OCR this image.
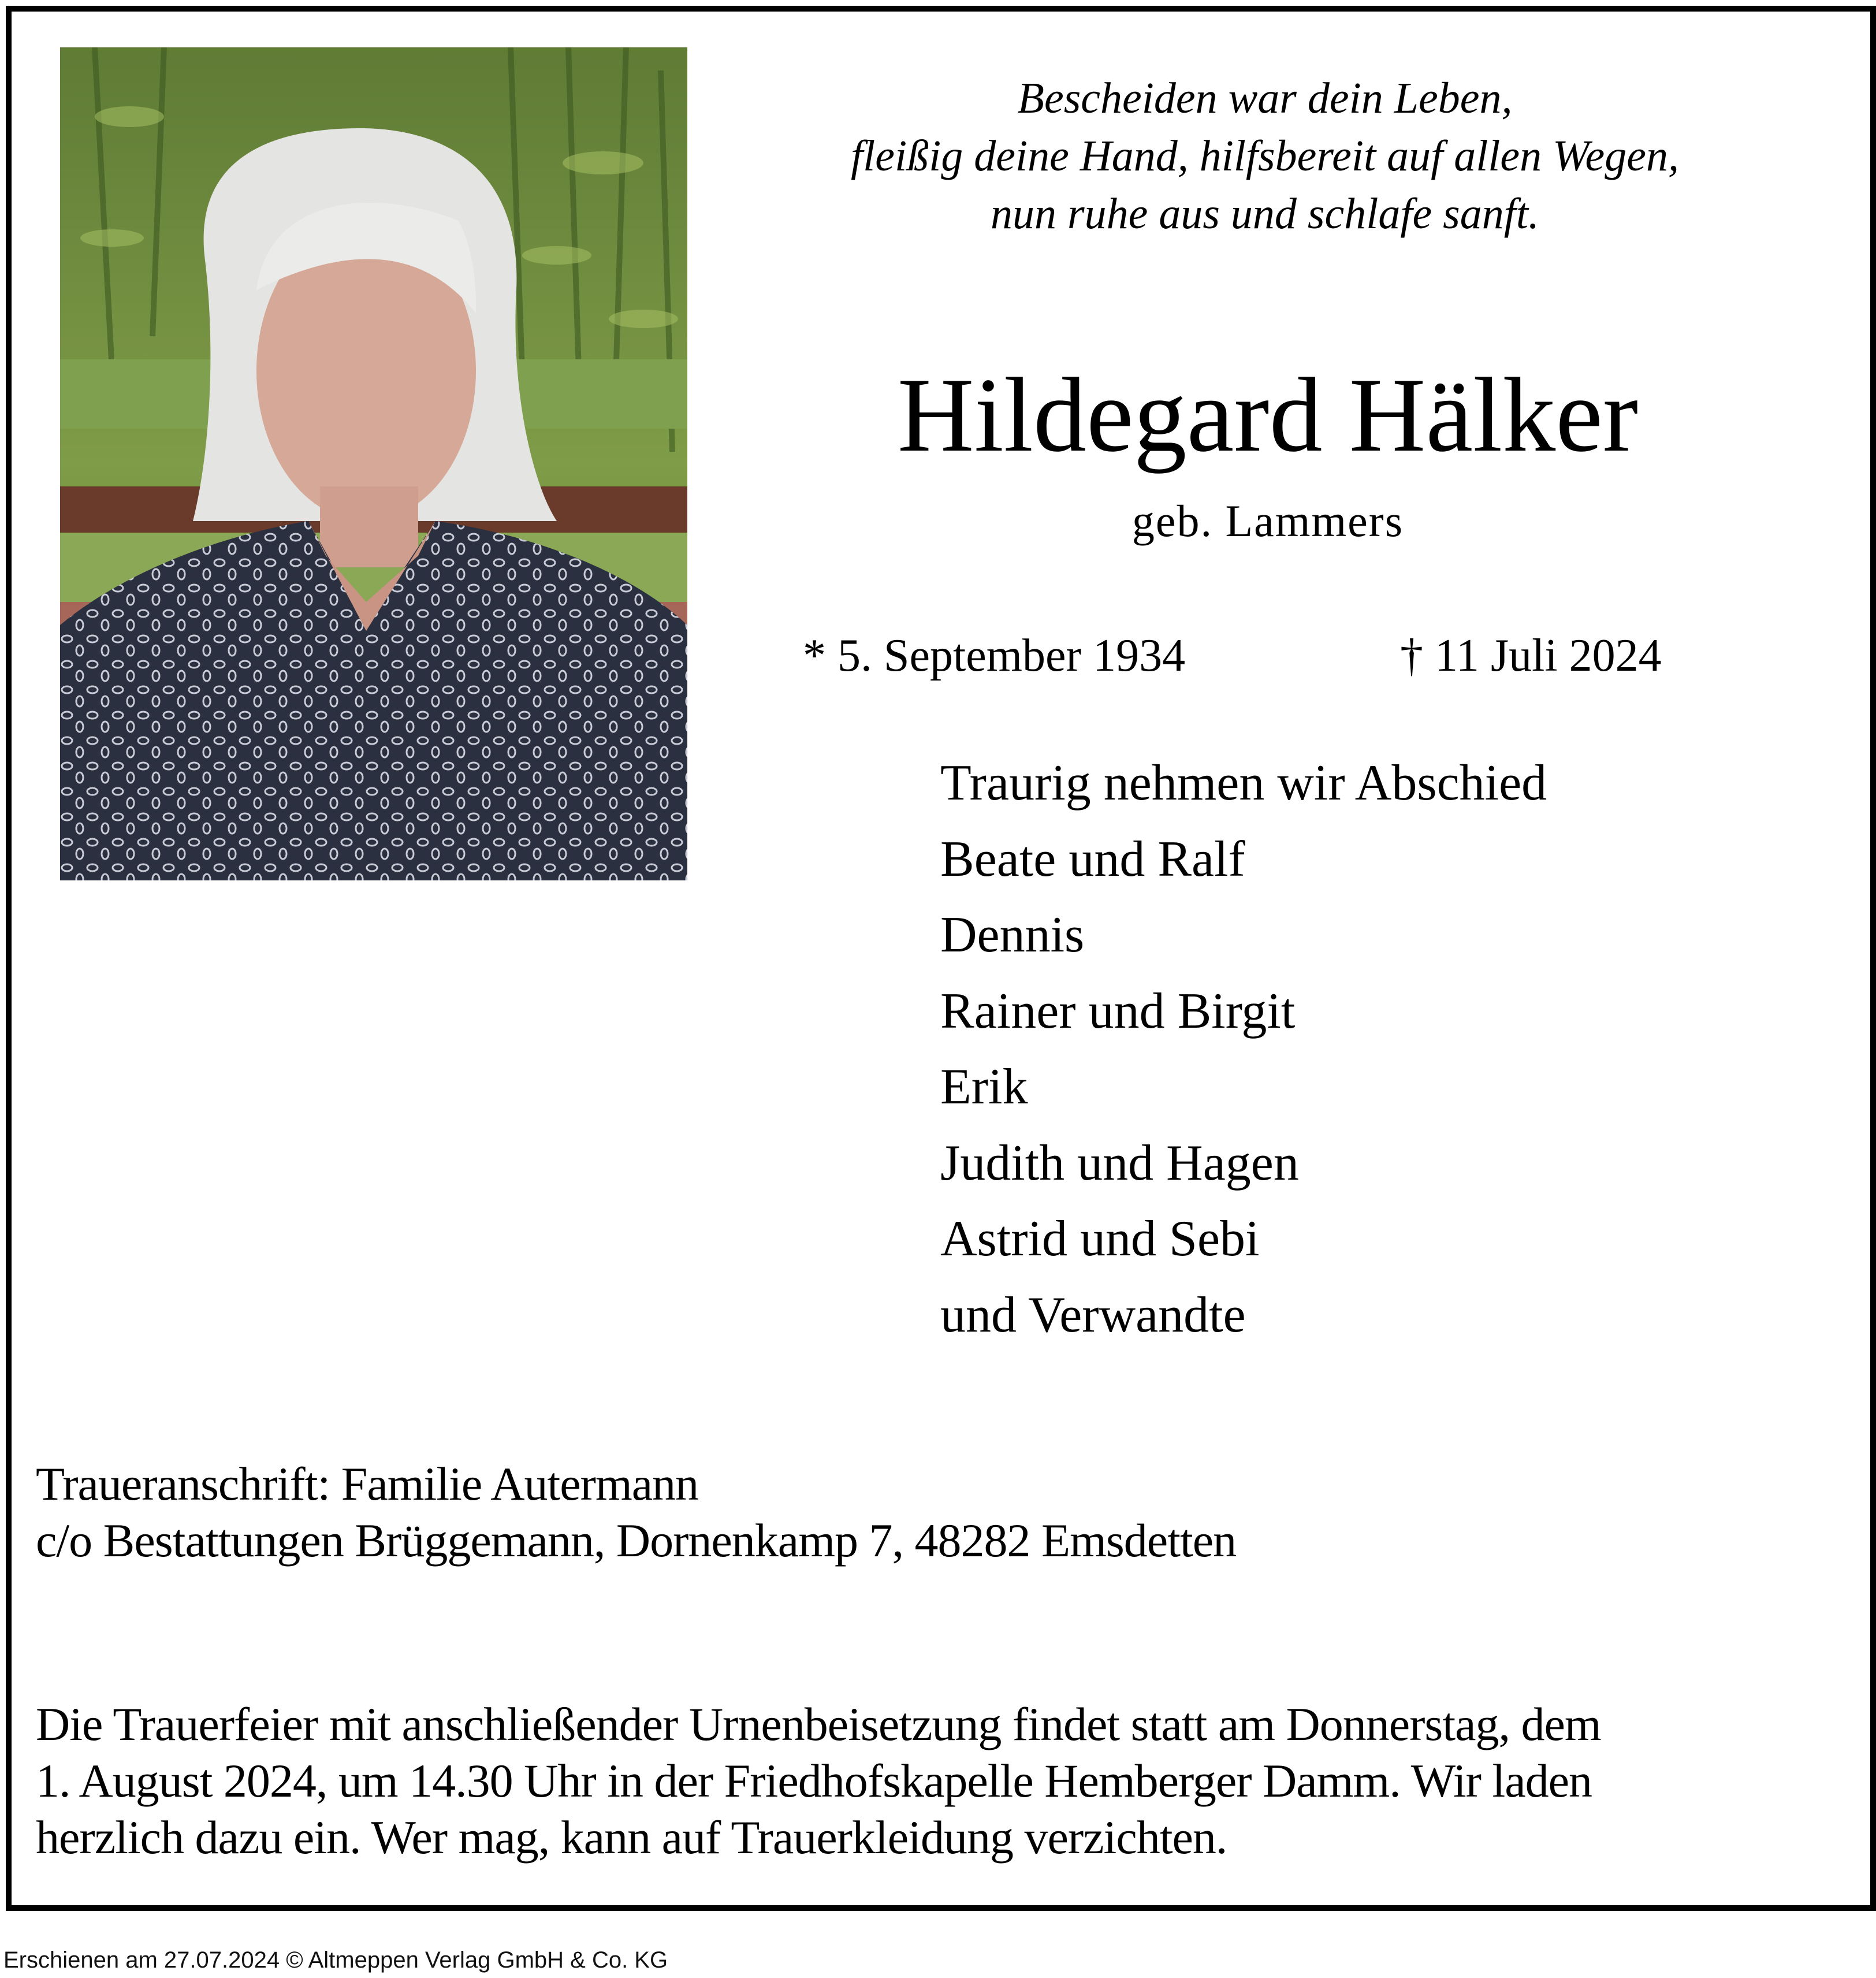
Bescheiden war dein Leben,
fleißig deine Hand, hilfsbereit auf allen Wegen,
nun ruhe aus und schlafe sanft.
Hildegard Hälker
geb. Lammers
* 5. September 1934	† 11 Juli 2024
Traurig nehmen wir Abschied
Beate und Ralf
Dennis
Rainer und Birgit
Erik
Judith und Hagen
Astrid und Sebi
und Verwandte
Traueranschrift: Familie Autermann
c/o Bestattungen Brüggemann, Dornenkamp 7, 48282 Emsdetten
Die Trauerfeier mit anschließender Urnenbeisetzung findet statt am Donnerstag, dem
1. August 2024, um 14.30 Uhr in der Friedhofskapelle Hemberger Damm. Wir laden
herzlich dazu ein. Wer mag, kann auf Trauerkleidung verzichten.
Erschienen am 27.07.2024 © Altmeppen Verlag GmbH & Co. KG
